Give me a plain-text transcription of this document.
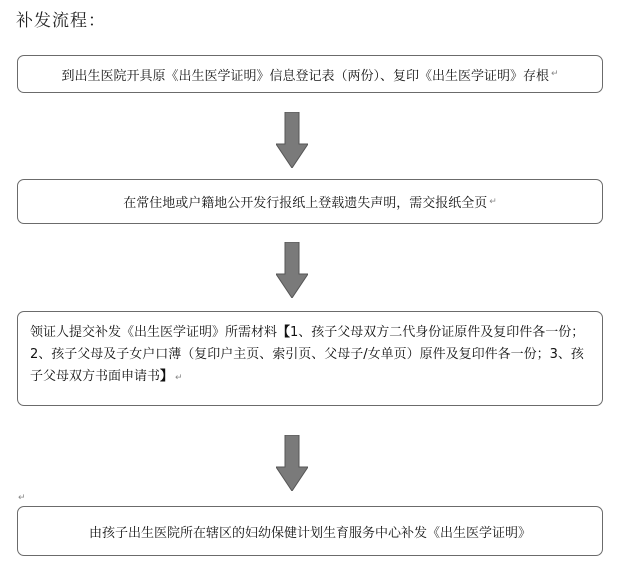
补发流程：
到出生医院开具原《出生医学证明》信息登记表（两份）、复印《出生医学证明》存根 ↵
在常住地或户籍地公开发行报纸上登载遗失声明，需交报纸全页 ↵
领证人提交补发《出生医学证明》所需材料【1、孩子父母双方二代身份证原件及复印件各一份；2、孩子父母及子女户口薄（复印户主页、索引页、父母子/女单页）原件及复印件各一份；3、孩子父母双方书面申请书】 ↵
↵
由孩子出生医院所在辖区的妇幼保健计划生育服务中心补发《出生医学证明》
